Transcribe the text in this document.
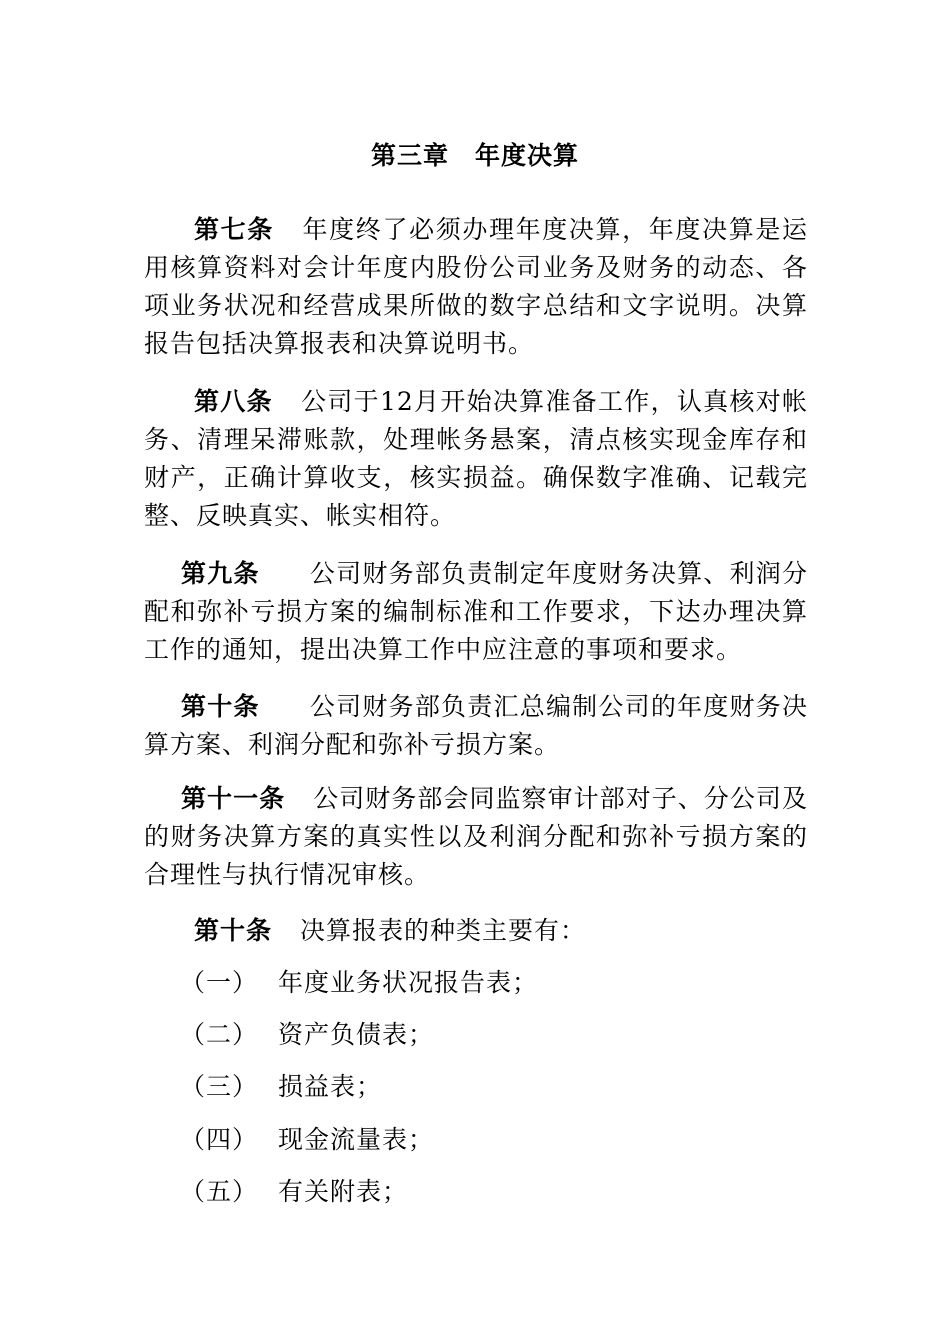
第三章　年度决算

第七条 年度终了必须办理年度决算，年度决算是运用核算资料对会计年度内股份公司业务及财务的动态、各项业务状况和经营成果所做的数字总结和文字说明。决算报告包括决算报表和决算说明书。

第八条 公司于12月开始决算准备工作，认真核对帐务、清理呆滞账款，处理帐务悬案，清点核实现金库存和财产，正确计算收支，核实损益。确保数字准确、记载完整、反映真实、帐实相符。

第九条 公司财务部负责制定年度财务决算、利润分配和弥补亏损方案的编制标准和工作要求，下达办理决算工作的通知，提出决算工作中应注意的事项和要求。

第十条 公司财务部负责汇总编制公司的年度财务决算方案、利润分配和弥补亏损方案。

第十一条 公司财务部会同监察审计部对子、分公司及的财务决算方案的真实性以及利润分配和弥补亏损方案的合理性与执行情况审核。

第十条 决算报表的种类主要有：

（一） 年度业务状况报告表；

（二） 资产负债表；

（三） 损益表；

（四） 现金流量表；

（五） 有关附表；
